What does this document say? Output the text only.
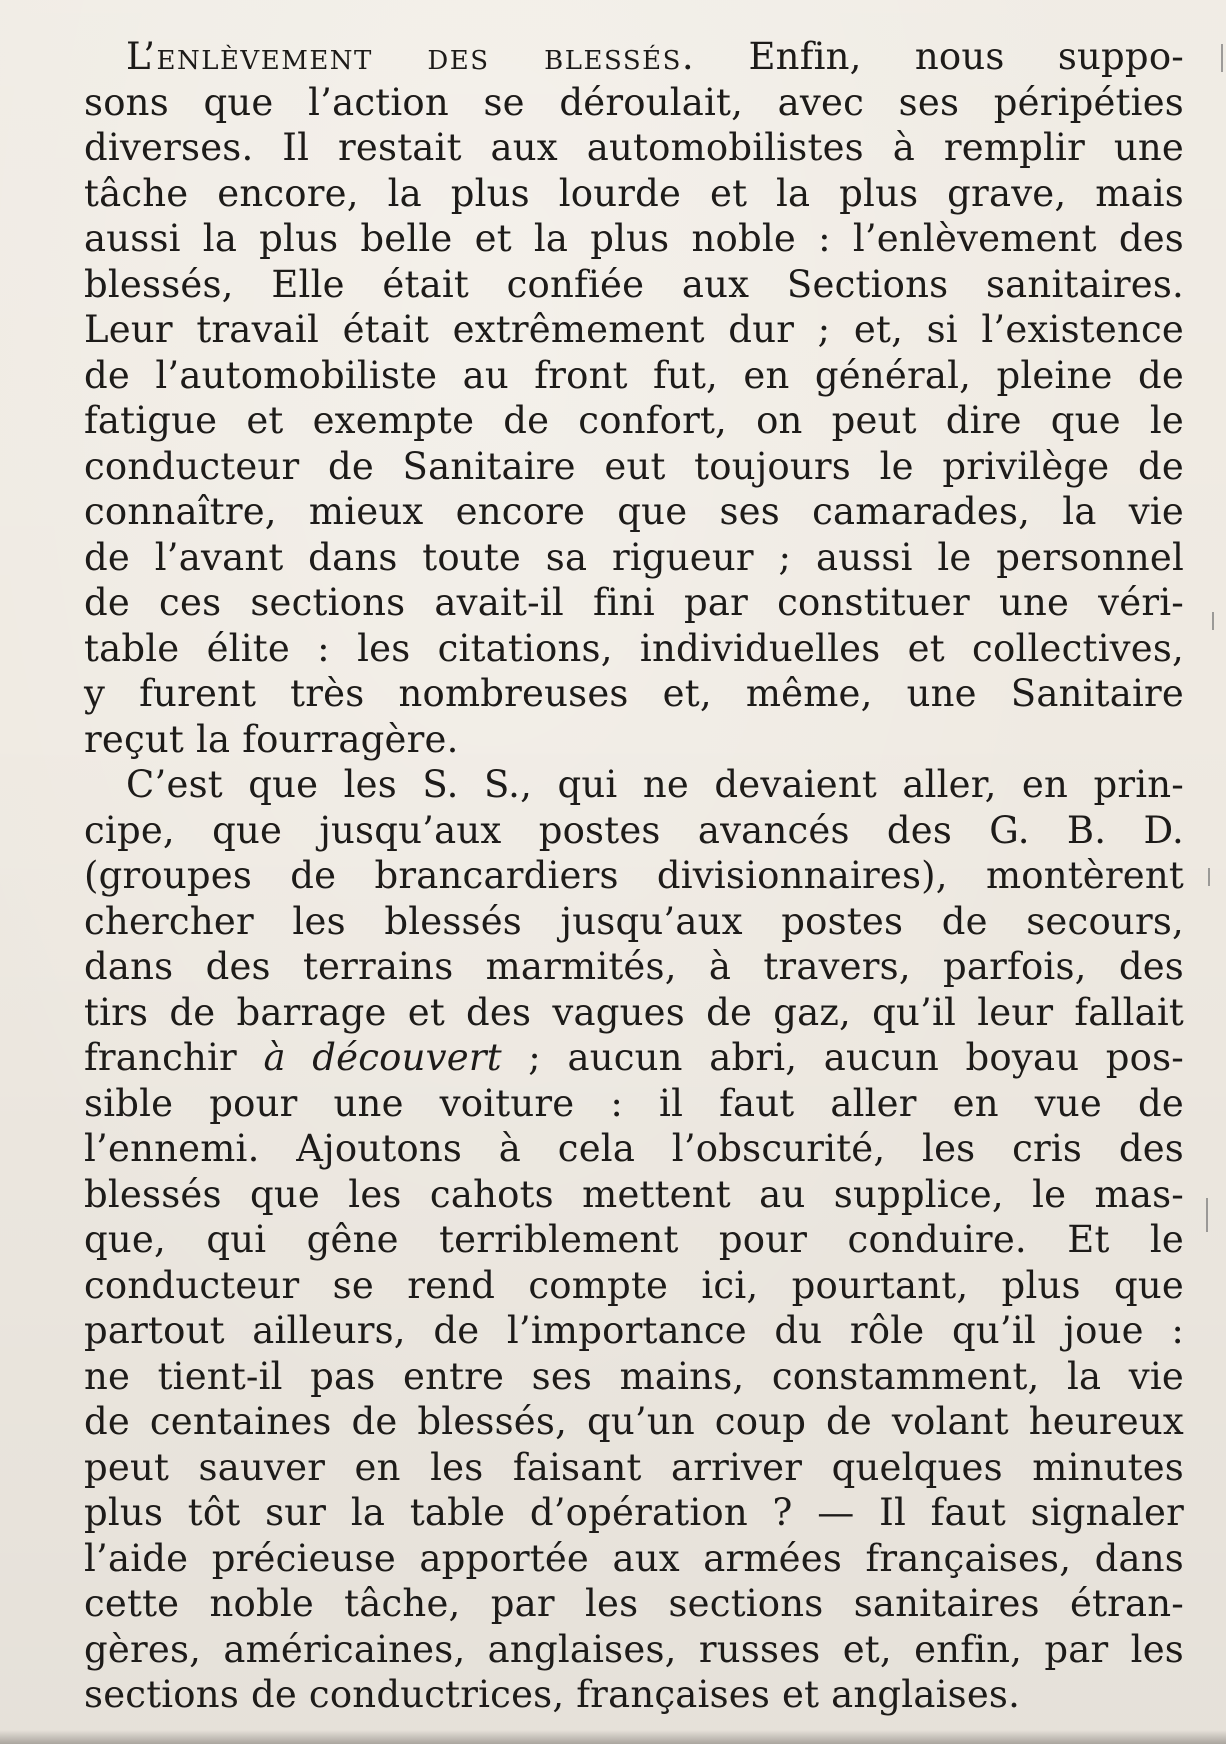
L’enlèvement des blessés. Enfin, nous suppo-
sons que l’action se déroulait, avec ses péripéties
diverses. Il restait aux automobilistes à remplir une
tâche encore, la plus lourde et la plus grave, mais
aussi la plus belle et la plus noble : l’enlèvement des
blessés, Elle était confiée aux Sections sanitaires.
Leur travail était extrêmement dur ; et, si l’existence
de l’automobiliste au front fut, en général, pleine de
fatigue et exempte de confort, on peut dire que le
conducteur de Sanitaire eut toujours le privilège de
connaître, mieux encore que ses camarades, la vie
de l’avant dans toute sa rigueur ; aussi le personnel
de ces sections avait-il fini par constituer une véri-
table élite : les citations, individuelles et collectives,
y furent très nombreuses et, même, une Sanitaire
reçut la fourragère.
C’est que les S. S., qui ne devaient aller, en prin-
cipe, que jusqu’aux postes avancés des G. B. D.
(groupes de brancardiers divisionnaires), montèrent
chercher les blessés jusqu’aux postes de secours,
dans des terrains marmités, à travers, parfois, des
tirs de barrage et des vagues de gaz, qu’il leur fallait
franchir à découvert ; aucun abri, aucun boyau pos-
sible pour une voiture : il faut aller en vue de
l’ennemi. Ajoutons à cela l’obscurité, les cris des
blessés que les cahots mettent au supplice, le mas-
que, qui gêne terriblement pour conduire. Et le
conducteur se rend compte ici, pourtant, plus que
partout ailleurs, de l’importance du rôle qu’il joue :
ne tient-il pas entre ses mains, constamment, la vie
de centaines de blessés, qu’un coup de volant heureux
peut sauver en les faisant arriver quelques minutes
plus tôt sur la table d’opération ? — Il faut signaler
l’aide précieuse apportée aux armées françaises, dans
cette noble tâche, par les sections sanitaires étran-
gères, américaines, anglaises, russes et, enfin, par les
sections de conductrices, françaises et anglaises.
